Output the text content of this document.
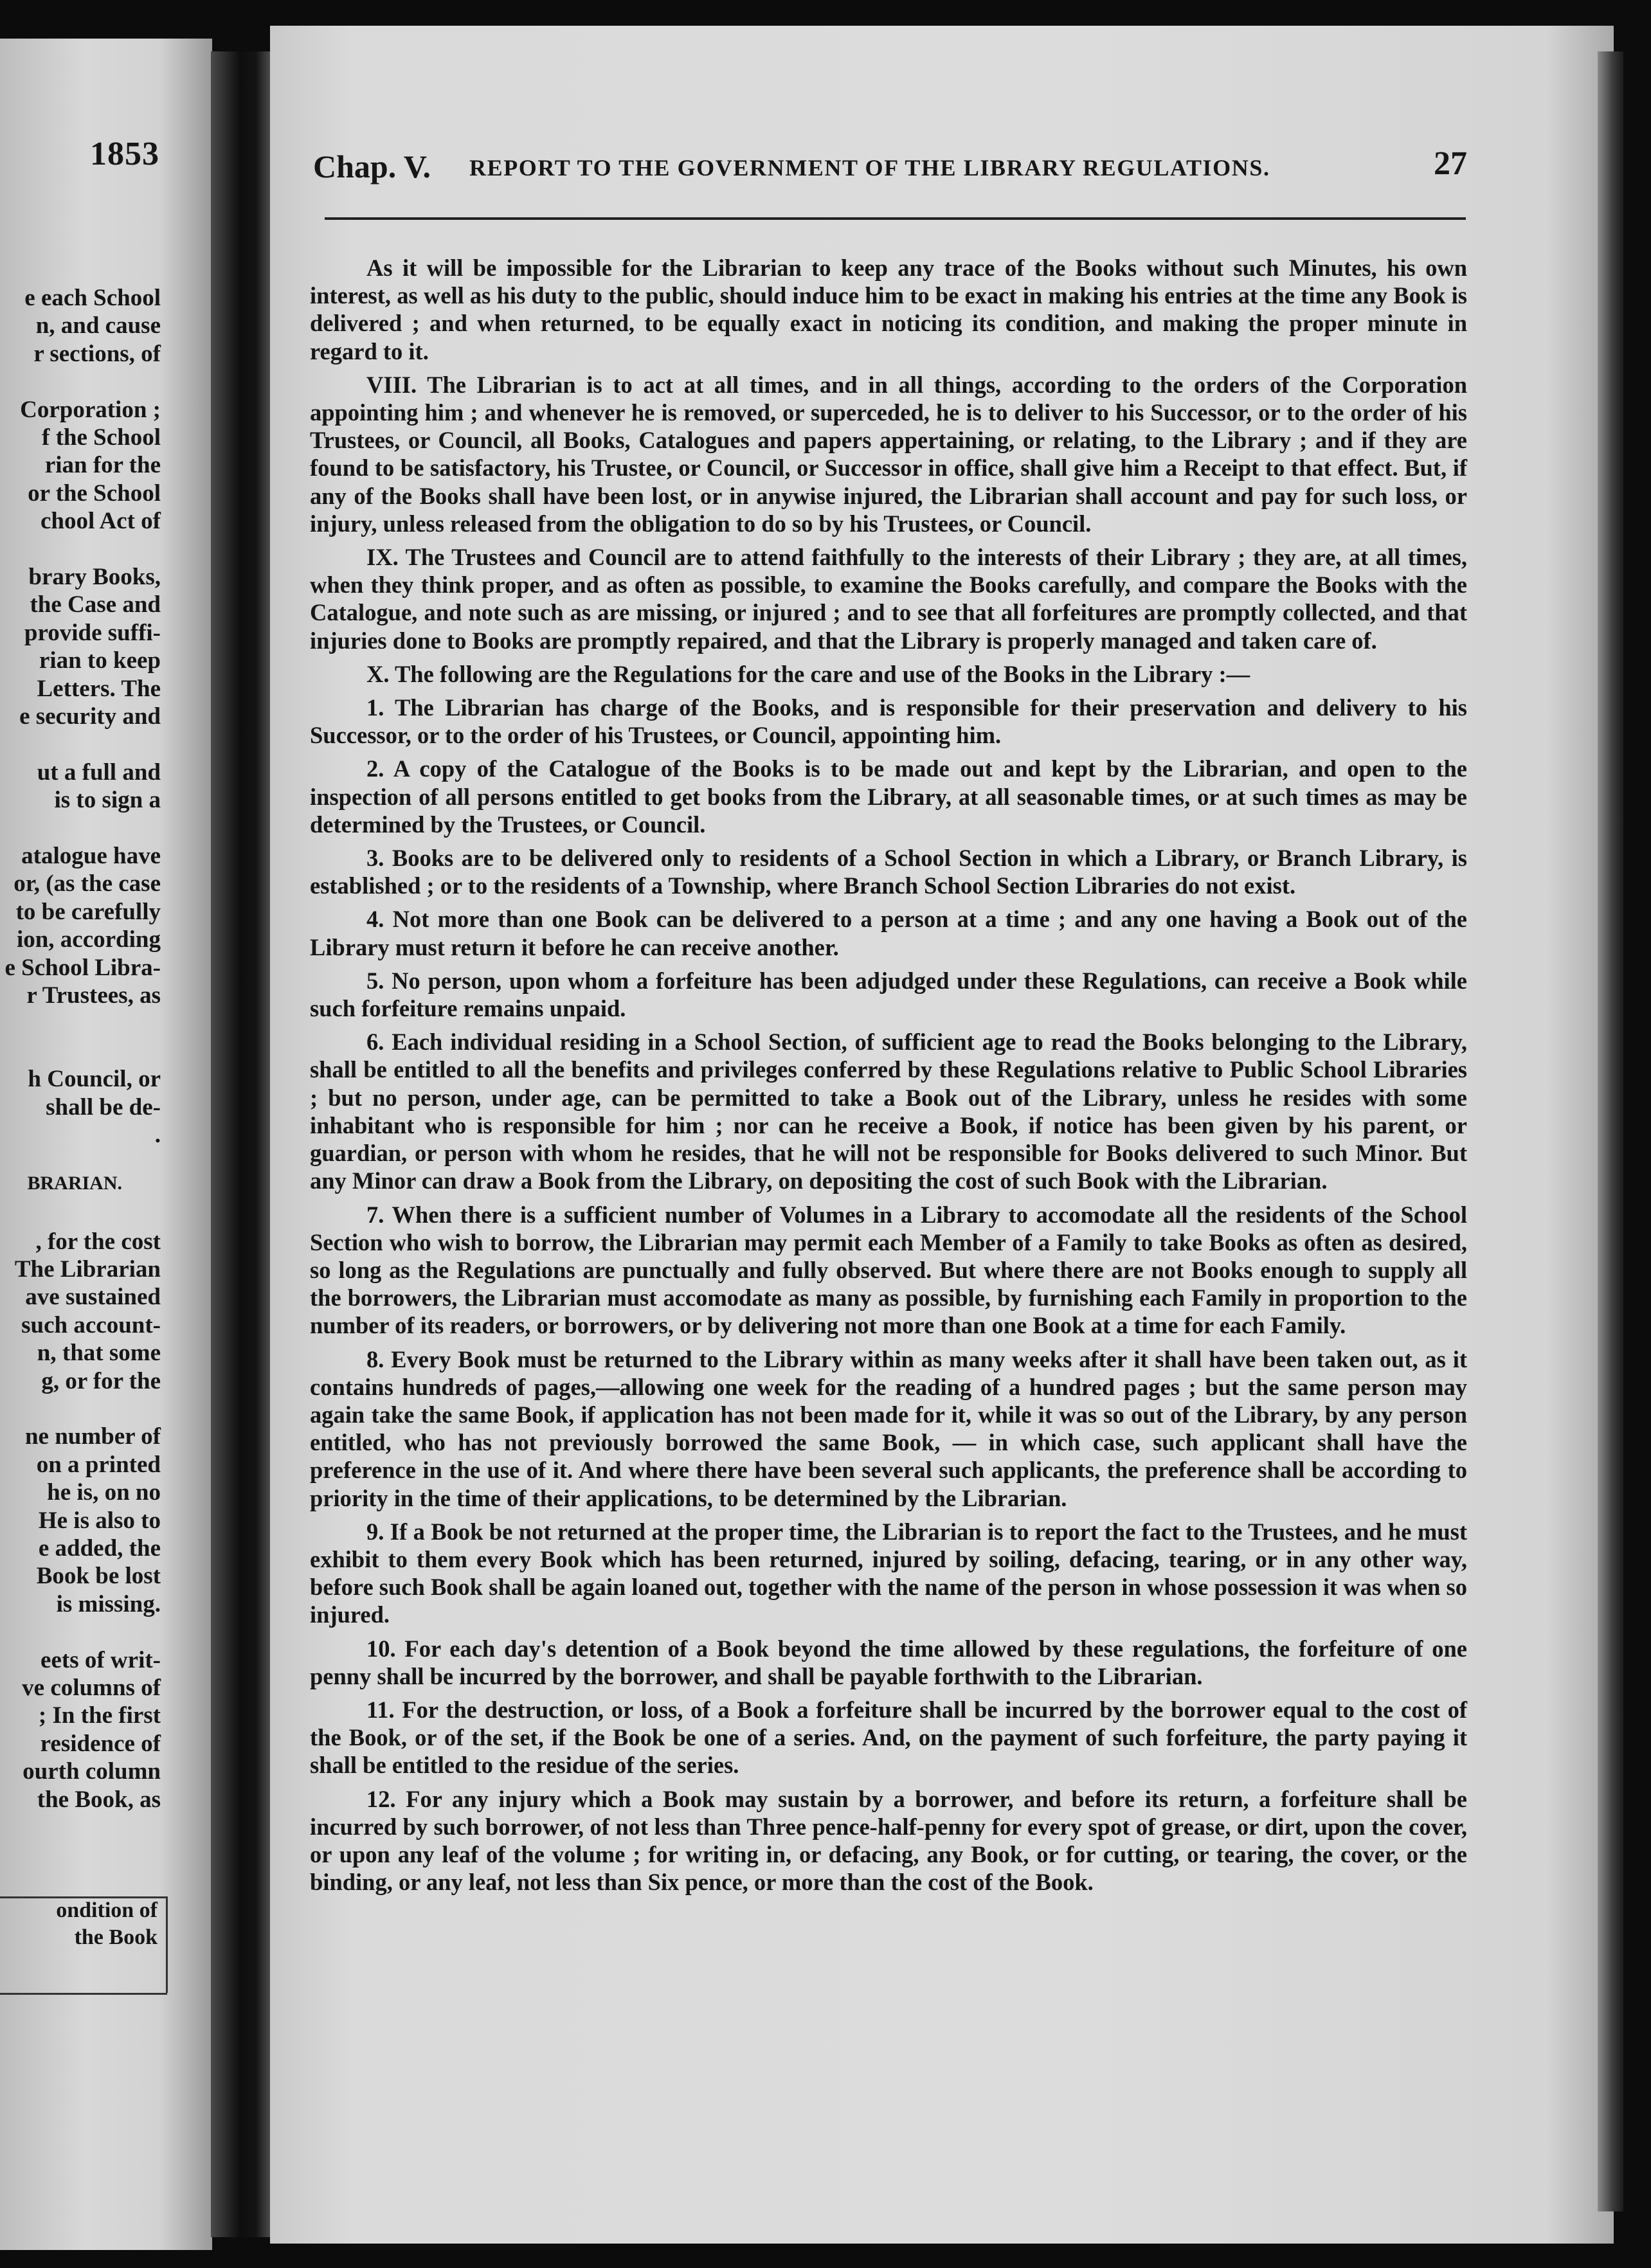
1853
e each School
n, and cause
r sections, of
Corporation ;
f the School
rian for the
or the School
chool Act of
brary Books,
the Case and
provide suffi-
rian to keep
Letters. The
e security and
ut a full and
is to sign a
atalogue have
or, (as the case
to be carefully
ion, according
e School Libra-
r Trustees, as
h Council, or
shall be de-
.
BRARIAN.
, for the cost
The Librarian
ave sustained
such account-
n, that some
g, or for the
ne number of
on a printed
he is, on no
He is also to
e added, the
Book be lost
is missing.
eets of writ-
ve columns of
; In the first
residence of
ourth column
the Book, as
ondition of
the Book
Chap. V. REPORT TO THE GOVERNMENT OF THE LIBRARY REGULATIONS.	27

As it will be impossible for the Librarian to keep any trace of the Books without such Minutes, his own interest, as well as his duty to the public, should induce him to be exact in making his entries at the time any Book is delivered ; and when returned, to be equally exact in noticing its condition, and making the proper minute in regard to it.

VIII. The Librarian is to act at all times, and in all things, according to the orders of the Corporation appointing him ; and whenever he is removed, or superceded, he is to deliver to his Successor, or to the order of his Trustees, or Council, all Books, Catalogues and papers appertaining, or relating, to the Library ; and if they are found to be satisfactory, his Trustee, or Council, or Successor in office, shall give him a Receipt to that effect. But, if any of the Books shall have been lost, or in anywise injured, the Librarian shall account and pay for such loss, or injury, unless released from the obligation to do so by his Trustees, or Council.

IX. The Trustees and Council are to attend faithfully to the interests of their Library ; they are, at all times, when they think proper, and as often as possible, to examine the Books carefully, and compare the Books with the Catalogue, and note such as are missing, or injured ; and to see that all forfeitures are promptly collected, and that injuries done to Books are promptly repaired, and that the Library is properly managed and taken care of.

X. The following are the Regulations for the care and use of the Books in the Library :—

1. The Librarian has charge of the Books, and is responsible for their preservation and delivery to his Successor, or to the order of his Trustees, or Council, appointing him.

2. A copy of the Catalogue of the Books is to be made out and kept by the Librarian, and open to the inspection of all persons entitled to get books from the Library, at all seasonable times, or at such times as may be determined by the Trustees, or Council.

3. Books are to be delivered only to residents of a School Section in which a Library, or Branch Library, is established ; or to the residents of a Township, where Branch School Section Libraries do not exist.

4. Not more than one Book can be delivered to a person at a time ; and any one having a Book out of the Library must return it before he can receive another.

5. No person, upon whom a forfeiture has been adjudged under these Regulations, can receive a Book while such forfeiture remains unpaid.

6. Each individual residing in a School Section, of sufficient age to read the Books belonging to the Library, shall be entitled to all the benefits and privileges conferred by these Regulations relative to Public School Libraries ; but no person, under age, can be permitted to take a Book out of the Library, unless he resides with some inhabitant who is responsible for him ; nor can he receive a Book, if notice has been given by his parent, or guardian, or person with whom he resides, that he will not be responsible for Books delivered to such Minor. But any Minor can draw a Book from the Library, on depositing the cost of such Book with the Librarian.

7. When there is a sufficient number of Volumes in a Library to accomodate all the residents of the School Section who wish to borrow, the Librarian may permit each Member of a Family to take Books as often as desired, so long as the Regulations are punctually and fully observed. But where there are not Books enough to supply all the borrowers, the Librarian must accomodate as many as possible, by furnishing each Family in proportion to the number of its readers, or borrowers, or by delivering not more than one Book at a time for each Family.

8. Every Book must be returned to the Library within as many weeks after it shall have been taken out, as it contains hundreds of pages,—allowing one week for the reading of a hundred pages ; but the same person may again take the same Book, if application has not been made for it, while it was so out of the Library, by any person entitled, who has not previously borrowed the same Book, — in which case, such applicant shall have the preference in the use of it. And where there have been several such applicants, the preference shall be according to priority in the time of their applications, to be determined by the Librarian.

9. If a Book be not returned at the proper time, the Librarian is to report the fact to the Trustees, and he must exhibit to them every Book which has been returned, injured by soiling, defacing, tearing, or in any other way, before such Book shall be again loaned out, together with the name of the person in whose possession it was when so injured.

10. For each day's detention of a Book beyond the time allowed by these regulations, the forfeiture of one penny shall be incurred by the borrower, and shall be payable forthwith to the Librarian.

11. For the destruction, or loss, of a Book a forfeiture shall be incurred by the borrower equal to the cost of the Book, or of the set, if the Book be one of a series. And, on the payment of such forfeiture, the party paying it shall be entitled to the residue of the series.

12. For any injury which a Book may sustain by a borrower, and before its return, a forfeiture shall be incurred by such borrower, of not less than Three pence-half-penny for every spot of grease, or dirt, upon the cover, or upon any leaf of the volume ; for writing in, or defacing, any Book, or for cutting, or tearing, the cover, or the binding, or any leaf, not less than Six pence, or more than the cost of the Book.
